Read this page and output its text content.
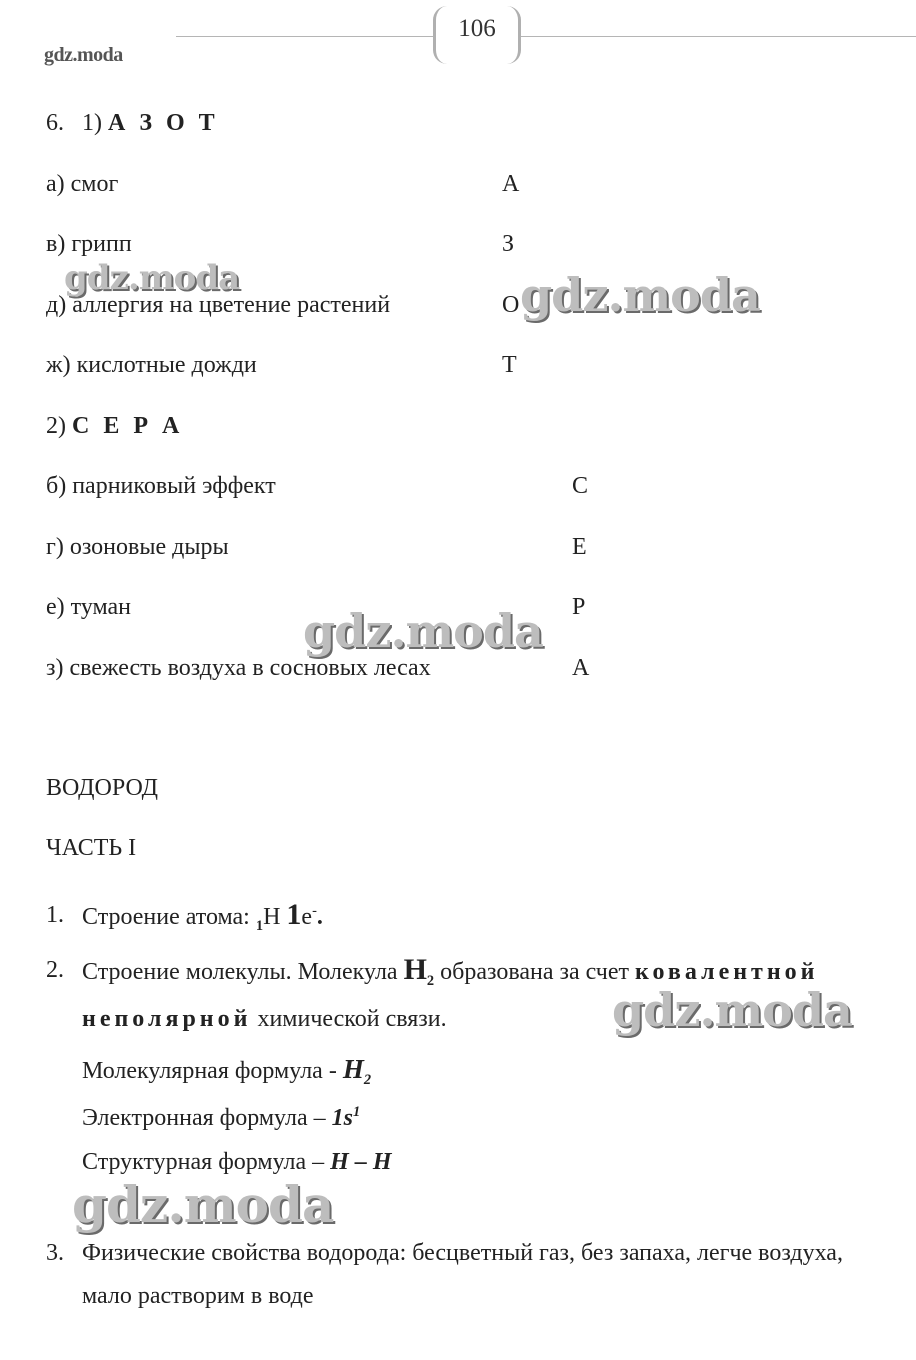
106
gdz.moda
6. 1) А З О Т
а) смог	А
в) грипп	З
д) аллергия на цветение растений	О
ж) кислотные дожди	Т
2) С Е Р А
б) парниковый эффект	С
г) озоновые дыры	Е
е) туман	Р
з) свежесть воздуха в сосновых лесах	А
ВОДОРОД
ЧАСТЬ I
1. Строение атома: $_1$Н 1е-.
2. Строение молекулы. Молекула $Н_2$ образована за счет ковалентной
неполярной химической связи.
Молекулярная формула - $Н_2$
Электронная формула – $1s^1$
Структурная формула – Н – Н
3. Физические свойства водорода: бесцветный газ, без запаха, легче воздуха,
мало растворим в воде
gdz.moda	gdz.moda
gdz.moda
gdz.moda
gdz.moda
